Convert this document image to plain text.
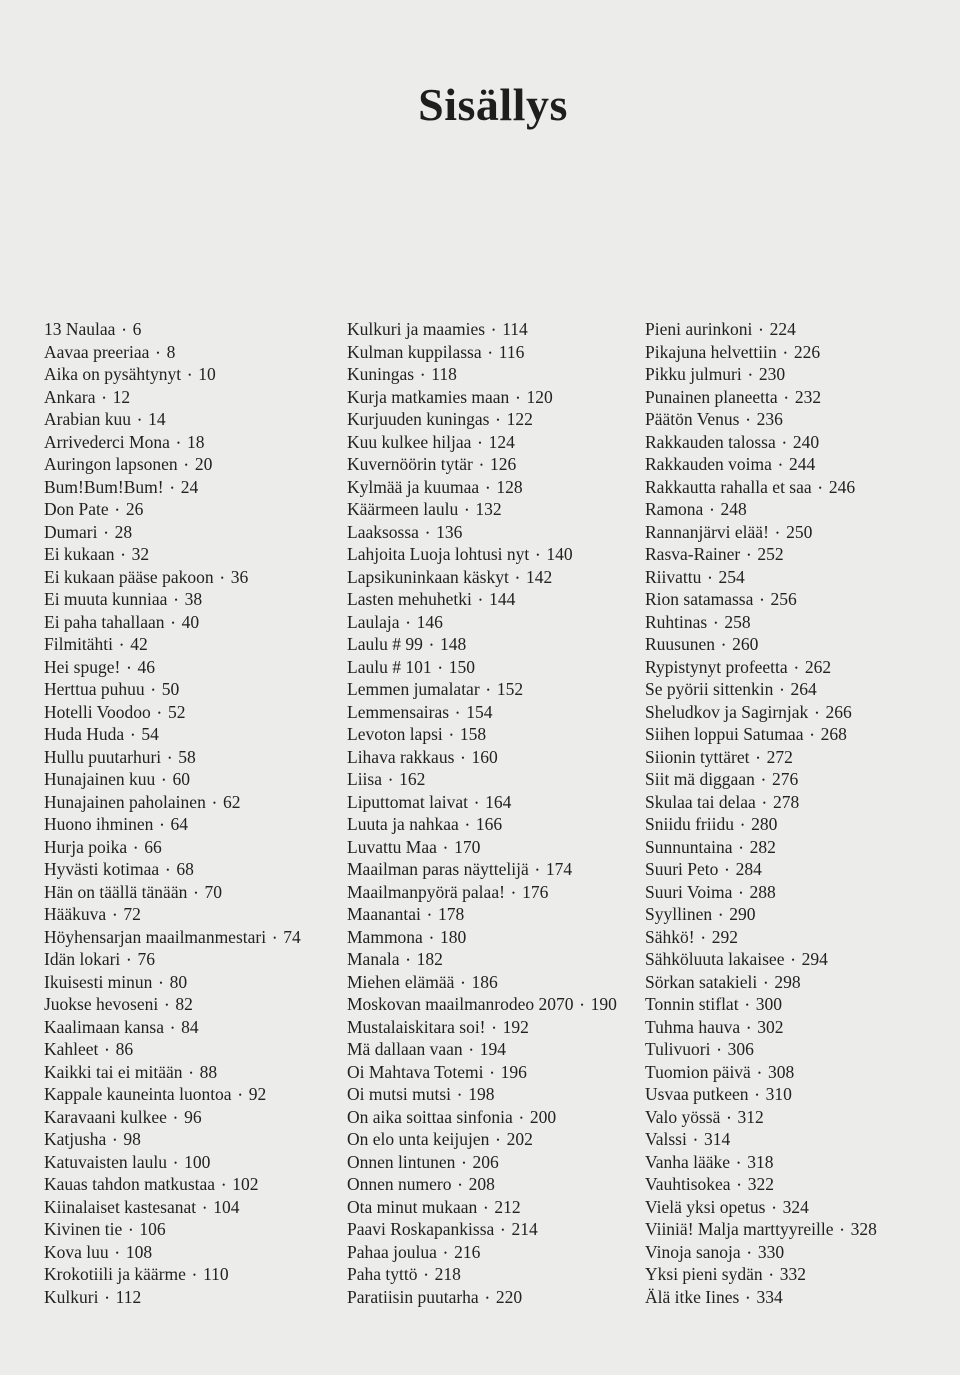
Sisällys
13 Naulaa • 6
Aavaa preeriaa • 8
Aika on pysähtynyt • 10
Ankara • 12
Arabian kuu • 14
Arrivederci Mona • 18
Auringon lapsonen • 20
Bum!Bum!Bum! • 24
Don Pate • 26
Dumari • 28
Ei kukaan • 32
Ei kukaan pääse pakoon • 36
Ei muuta kunniaa • 38
Ei paha tahallaan • 40
Filmitähti • 42
Hei spuge! • 46
Herttua puhuu • 50
Hotelli Voodoo • 52
Huda Huda • 54
Hullu puutarhuri • 58
Hunajainen kuu • 60
Hunajainen paholainen • 62
Huono ihminen • 64
Hurja poika • 66
Hyvästi kotimaa • 68
Hän on täällä tänään • 70
Hääkuva • 72
Höyhensarjan maailmanmestari • 74
Idän lokari • 76
Ikuisesti minun • 80
Juokse hevoseni • 82
Kaalimaan kansa • 84
Kahleet • 86
Kaikki tai ei mitään • 88
Kappale kauneinta luontoa • 92
Karavaani kulkee • 96
Katjusha • 98
Katuvaisten laulu • 100
Kauas tahdon matkustaa • 102
Kiinalaiset kastesanat • 104
Kivinen tie • 106
Kova luu • 108
Krokotiili ja käärme • 110
Kulkuri • 112
Kulkuri ja maamies • 114
Kulman kuppilassa • 116
Kuningas • 118
Kurja matkamies maan • 120
Kurjuuden kuningas • 122
Kuu kulkee hiljaa • 124
Kuvernöörin tytär • 126
Kylmää ja kuumaa • 128
Käärmeen laulu • 132
Laaksossa • 136
Lahjoita Luoja lohtusi nyt • 140
Lapsikuninkaan käskyt • 142
Lasten mehuhetki • 144
Laulaja • 146
Laulu # 99 • 148
Laulu # 101 • 150
Lemmen jumalatar • 152
Lemmensairas • 154
Levoton lapsi • 158
Lihava rakkaus • 160
Liisa • 162
Liputtomat laivat • 164
Luuta ja nahkaa • 166
Luvattu Maa • 170
Maailman paras näyttelijä • 174
Maailmanpyörä palaa! • 176
Maanantai • 178
Mammona • 180
Manala • 182
Miehen elämää • 186
Moskovan maailmanrodeo 2070 • 190
Mustalaiskitara soi! • 192
Mä dallaan vaan • 194
Oi Mahtava Totemi • 196
Oi mutsi mutsi • 198
On aika soittaa sinfonia • 200
On elo unta keijujen • 202
Onnen lintunen • 206
Onnen numero • 208
Ota minut mukaan • 212
Paavi Roskapankissa • 214
Pahaa joulua • 216
Paha tyttö • 218
Paratiisin puutarha • 220
Pieni aurinkoni • 224
Pikajuna helvettiin • 226
Pikku julmuri • 230
Punainen planeetta • 232
Päätön Venus • 236
Rakkauden talossa • 240
Rakkauden voima • 244
Rakkautta rahalla et saa • 246
Ramona • 248
Rannanjärvi elää! • 250
Rasva-Rainer • 252
Riivattu • 254
Rion satamassa • 256
Ruhtinas • 258
Ruusunen • 260
Rypistynyt profeetta • 262
Se pyörii sittenkin • 264
Sheludkov ja Sagirnjak • 266
Siihen loppui Satumaa • 268
Siionin tyttäret • 272
Siit mä diggaan • 276
Skulaa tai delaa • 278
Sniidu friidu • 280
Sunnuntaina • 282
Suuri Peto • 284
Suuri Voima • 288
Syyllinen • 290
Sähkö! • 292
Sähköluuta lakaisee • 294
Sörkan satakieli • 298
Tonnin stiflat • 300
Tuhma hauva • 302
Tulivuori • 306
Tuomion päivä • 308
Usvaa putkeen • 310
Valo yössä • 312
Valssi • 314
Vanha lääke • 318
Vauhtisokea • 322
Vielä yksi opetus • 324
Viiniä! Malja marttyyreille • 328
Vinoja sanoja • 330
Yksi pieni sydän • 332
Älä itke Iines • 334
